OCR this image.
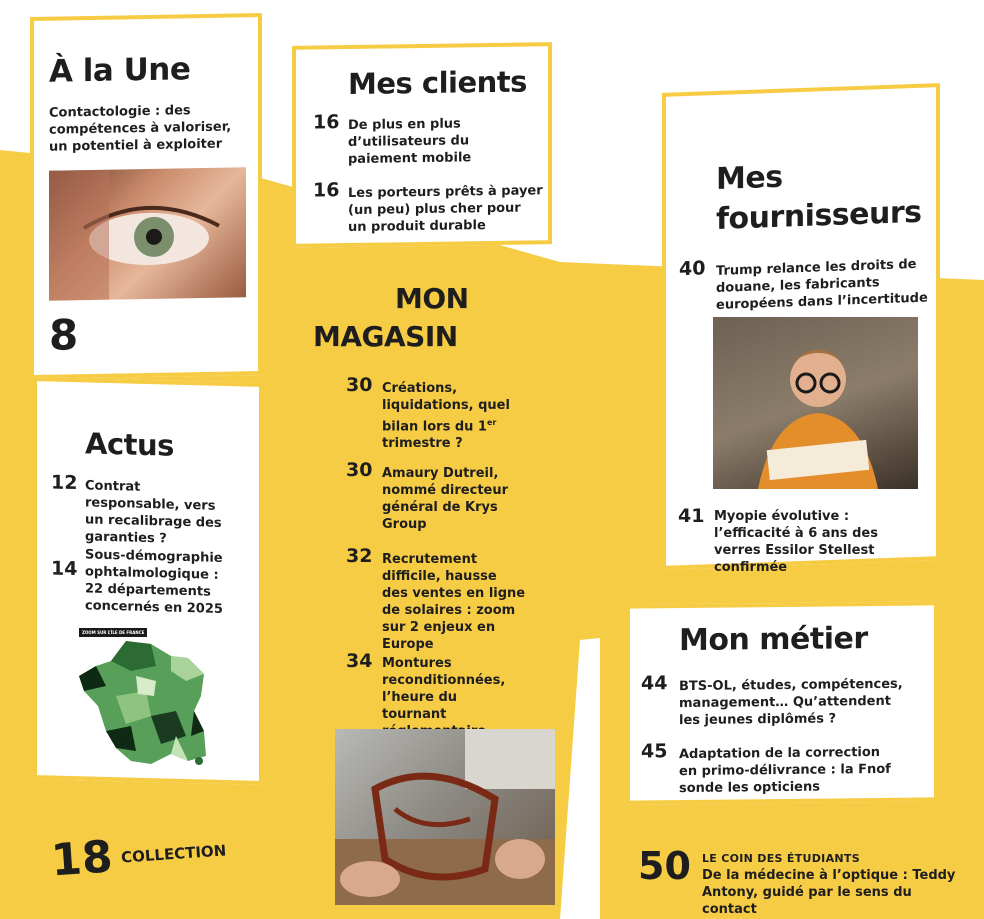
À la Une
Contactologie : des compétences à valoriser, un potentiel à exploiter
8
Mes clients
16 De plus en plus d’utilisateurs du paiement mobile
16 Les porteurs prêts à payer (un peu) plus cher pour un produit durable
Mes
fournisseurs
40 Trump relance les droits de douane, les fabricants européens dans l’incertitude
41 Myopie évolutive : l’efficacité à 6 ans des verres Essilor Stellest confirmée
MON
MAGASIN
30 Créations, liquidations, quel bilan lors du 1er trimestre ?
30 Amaury Dutreil, nommé directeur général de Krys Group
32 Recrutement difficile, hausse des ventes en ligne de solaires : zoom sur 2 enjeux en Europe
34 Montures reconditionnées, l’heure du tournant
Actus
12 Contrat responsable, vers un recalibrage des garanties ?
14
Sous-démographie ophtalmologique : 22 départements concernés en 2025
ZOOM SUR L’ÎLE DE FRANCE	Mon métier
44 BTS-OL, études, compétences, management… Qu’attendent les jeunes diplômés ?
45 Adaptation de la correction en primo-délivrance : la Fnof sonde les opticiens
18 COLLECTION	50 LE COIN DES ÉTUDIANTS
De la médecine à l’optique : Teddy Antony, guidé par le sens du contact
